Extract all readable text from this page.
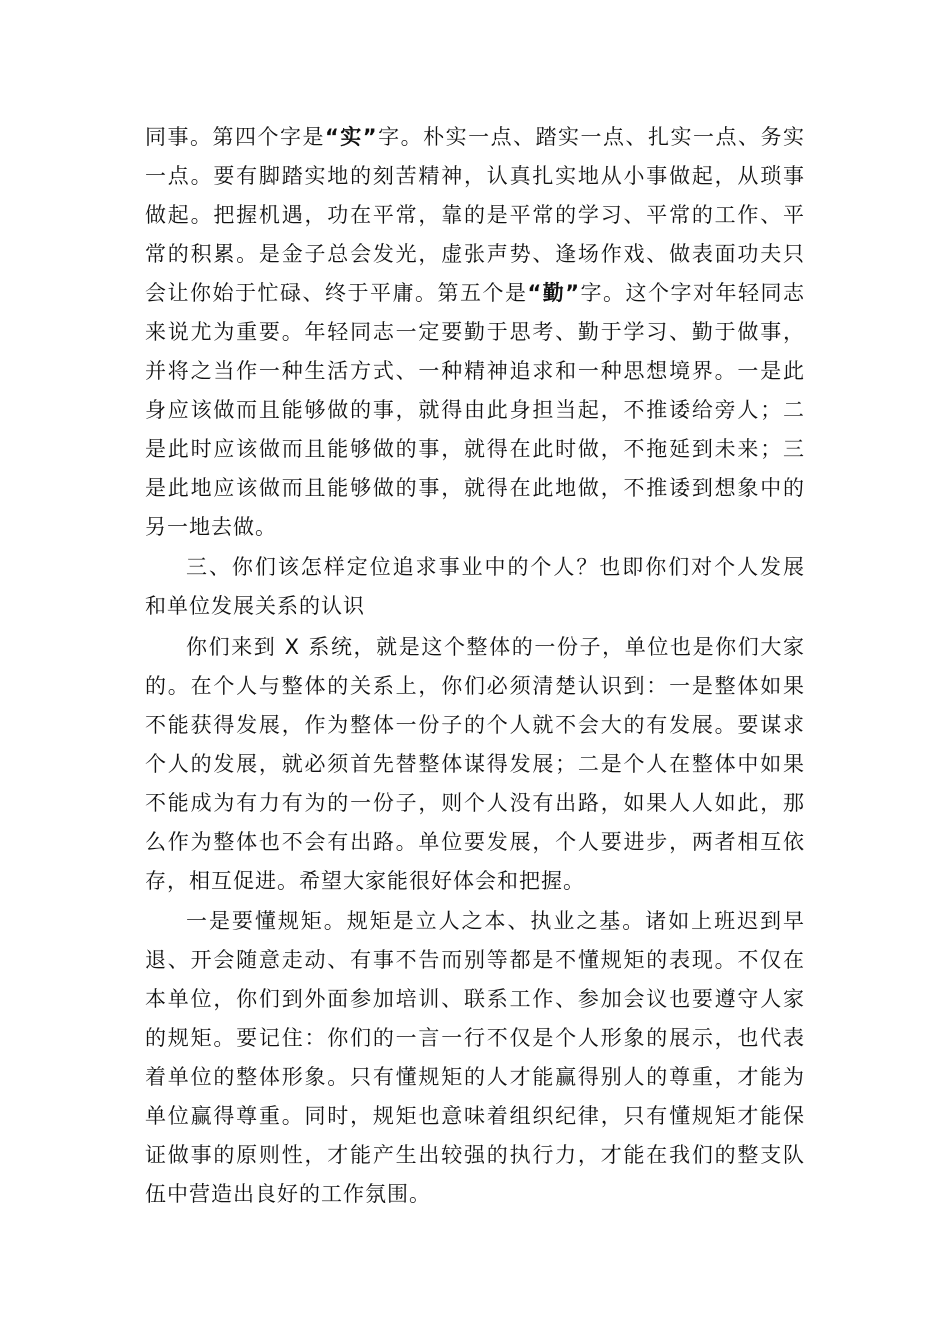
同事。第四个字是“实”字。朴实一点、踏实一点、扎实一点、务实
一点。要有脚踏实地的刻苦精神，认真扎实地从小事做起，从琐事
做起。把握机遇，功在平常，靠的是平常的学习、平常的工作、平
常的积累。是金子总会发光，虚张声势、逢场作戏、做表面功夫只
会让你始于忙碌、终于平庸。第五个是“勤”字。这个字对年轻同志
来说尤为重要。年轻同志一定要勤于思考、勤于学习、勤于做事，
并将之当作一种生活方式、一种精神追求和一种思想境界。一是此
身应该做而且能够做的事，就得由此身担当起，不推诿给旁人；二
是此时应该做而且能够做的事，就得在此时做，不拖延到未来；三
是此地应该做而且能够做的事，就得在此地做，不推诿到想象中的
另一地去做。
三、你们该怎样定位追求事业中的个人？也即你们对个人发展
和单位发展关系的认识
你们来到 X 系统，就是这个整体的一份子，单位也是你们大家
的。在个人与整体的关系上，你们必须清楚认识到：一是整体如果
不能获得发展，作为整体一份子的个人就不会大的有发展。要谋求
个人的发展，就必须首先替整体谋得发展；二是个人在整体中如果
不能成为有力有为的一份子，则个人没有出路，如果人人如此，那
么作为整体也不会有出路。单位要发展，个人要进步，两者相互依
存，相互促进。希望大家能很好体会和把握。
一是要懂规矩。规矩是立人之本、执业之基。诸如上班迟到早
退、开会随意走动、有事不告而别等都是不懂规矩的表现。不仅在
本单位，你们到外面参加培训、联系工作、参加会议也要遵守人家
的规矩。要记住：你们的一言一行不仅是个人形象的展示，也代表
着单位的整体形象。只有懂规矩的人才能赢得别人的尊重，才能为
单位赢得尊重。同时，规矩也意味着组织纪律，只有懂规矩才能保
证做事的原则性，才能产生出较强的执行力，才能在我们的整支队
伍中营造出良好的工作氛围。
